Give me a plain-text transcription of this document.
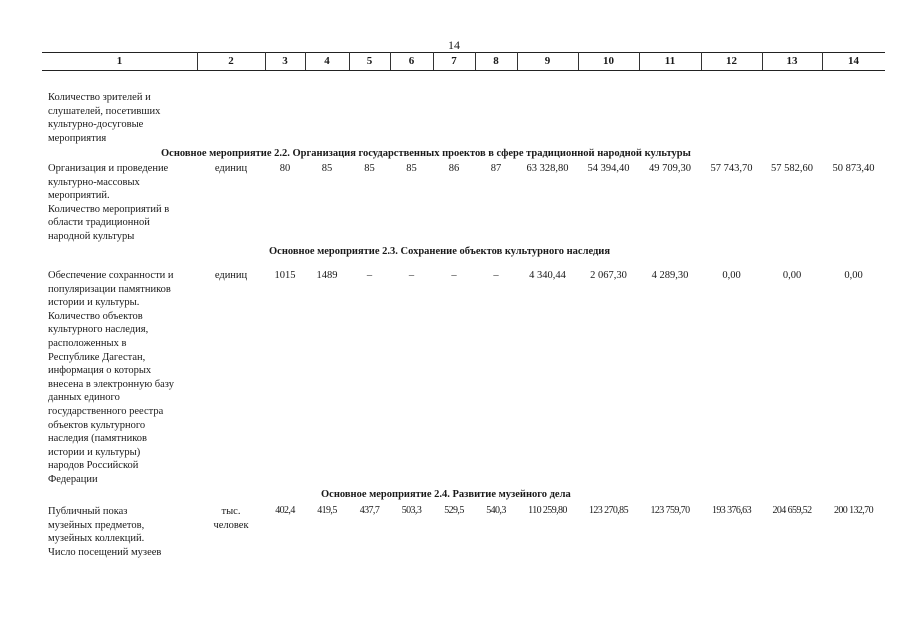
14
1	2	3	4	5	6	7	8	9	10	11	12	13	14
Количество зрителей и
слушателей, посетивших
культурно-досуговые
мероприятия
Основное мероприятие 2.2. Организация государственных проектов в сфере традиционной народной культуры
Организация и проведение
культурно-массовых
мероприятий.
Количество мероприятий в
области традиционной
народной культуры
единиц	80	85	85	85	86	87	63 328,80	54 394,40	49 709,30	57 743,70	57 582,60	50 873,40
Основное мероприятие 2.3. Сохранение объектов культурного наследия
Обеспечение сохранности и
популяризации памятников
истории и культуры.
Количество объектов
культурного наследия,
расположенных в
Республике Дагестан,
информация о которых
внесена в электронную базу
данных единого
государственного реестра
объектов культурного
наследия (памятников
истории и культуры)
народов Российской
Федерации
единиц	1015	1489	–	–	–	–	4 340,44	2 067,30	4 289,30	0,00	0,00	0,00
Основное мероприятие 2.4. Развитие музейного дела
Публичный показ
музейных предметов,
музейных коллекций.
Число посещений музеев
тыс.
человек
402,4	419,5	437,7	503,3	529,5	540,3	110 259,80	123 270,85	123 759,70	193 376,63	204 659,52	200 132,70
